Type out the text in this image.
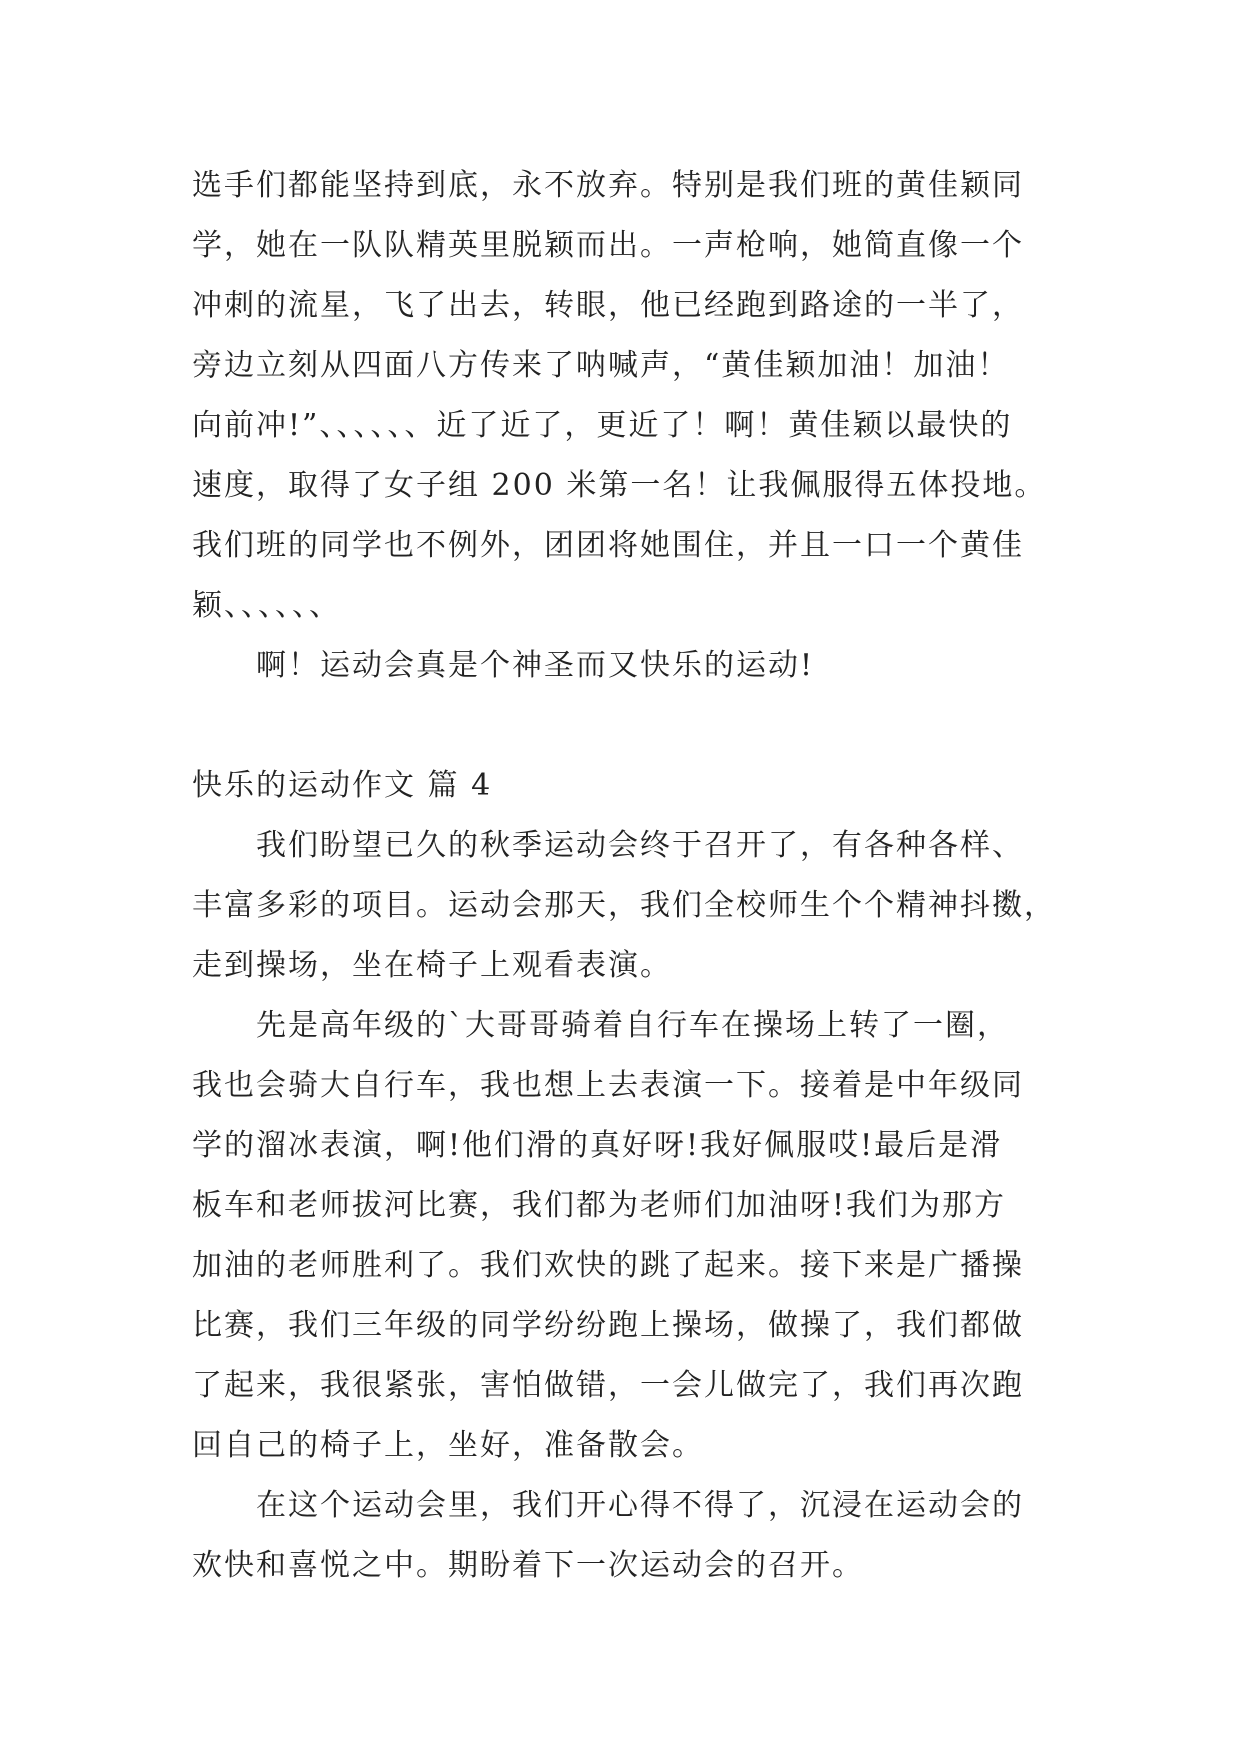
选手们都能坚持到底，永不放弃。特别是我们班的黄佳颖同
学，她在一队队精英里脱颖而出。一声枪响，她简直像一个
冲刺的流星，飞了出去，转眼，他已经跑到路途的一半了，
旁边立刻从四面八方传来了呐喊声，“黄佳颖加油！加油！
向前冲!”、、、、、、近了近了，更近了！啊！黄佳颖以最快的
速度，取得了女子组 200 米第一名！让我佩服得五体投地。
我们班的同学也不例外，团团将她围住，并且一口一个黄佳
颖、、、、、、
啊！运动会真是个神圣而又快乐的运动!
快乐的运动作文 篇 4
我们盼望已久的秋季运动会终于召开了，有各种各样、
丰富多彩的项目。运动会那天，我们全校师生个个精神抖擞，
走到操场，坐在椅子上观看表演。
先是高年级的`大哥哥骑着自行车在操场上转了一圈，
我也会骑大自行车，我也想上去表演一下。接着是中年级同
学的溜冰表演，啊!他们滑的真好呀!我好佩服哎!最后是滑
板车和老师拔河比赛，我们都为老师们加油呀!我们为那方
加油的老师胜利了。我们欢快的跳了起来。接下来是广播操
比赛，我们三年级的同学纷纷跑上操场，做操了，我们都做
了起来，我很紧张，害怕做错，一会儿做完了，我们再次跑
回自己的椅子上，坐好，准备散会。
在这个运动会里，我们开心得不得了，沉浸在运动会的
欢快和喜悦之中。期盼着下一次运动会的召开。
